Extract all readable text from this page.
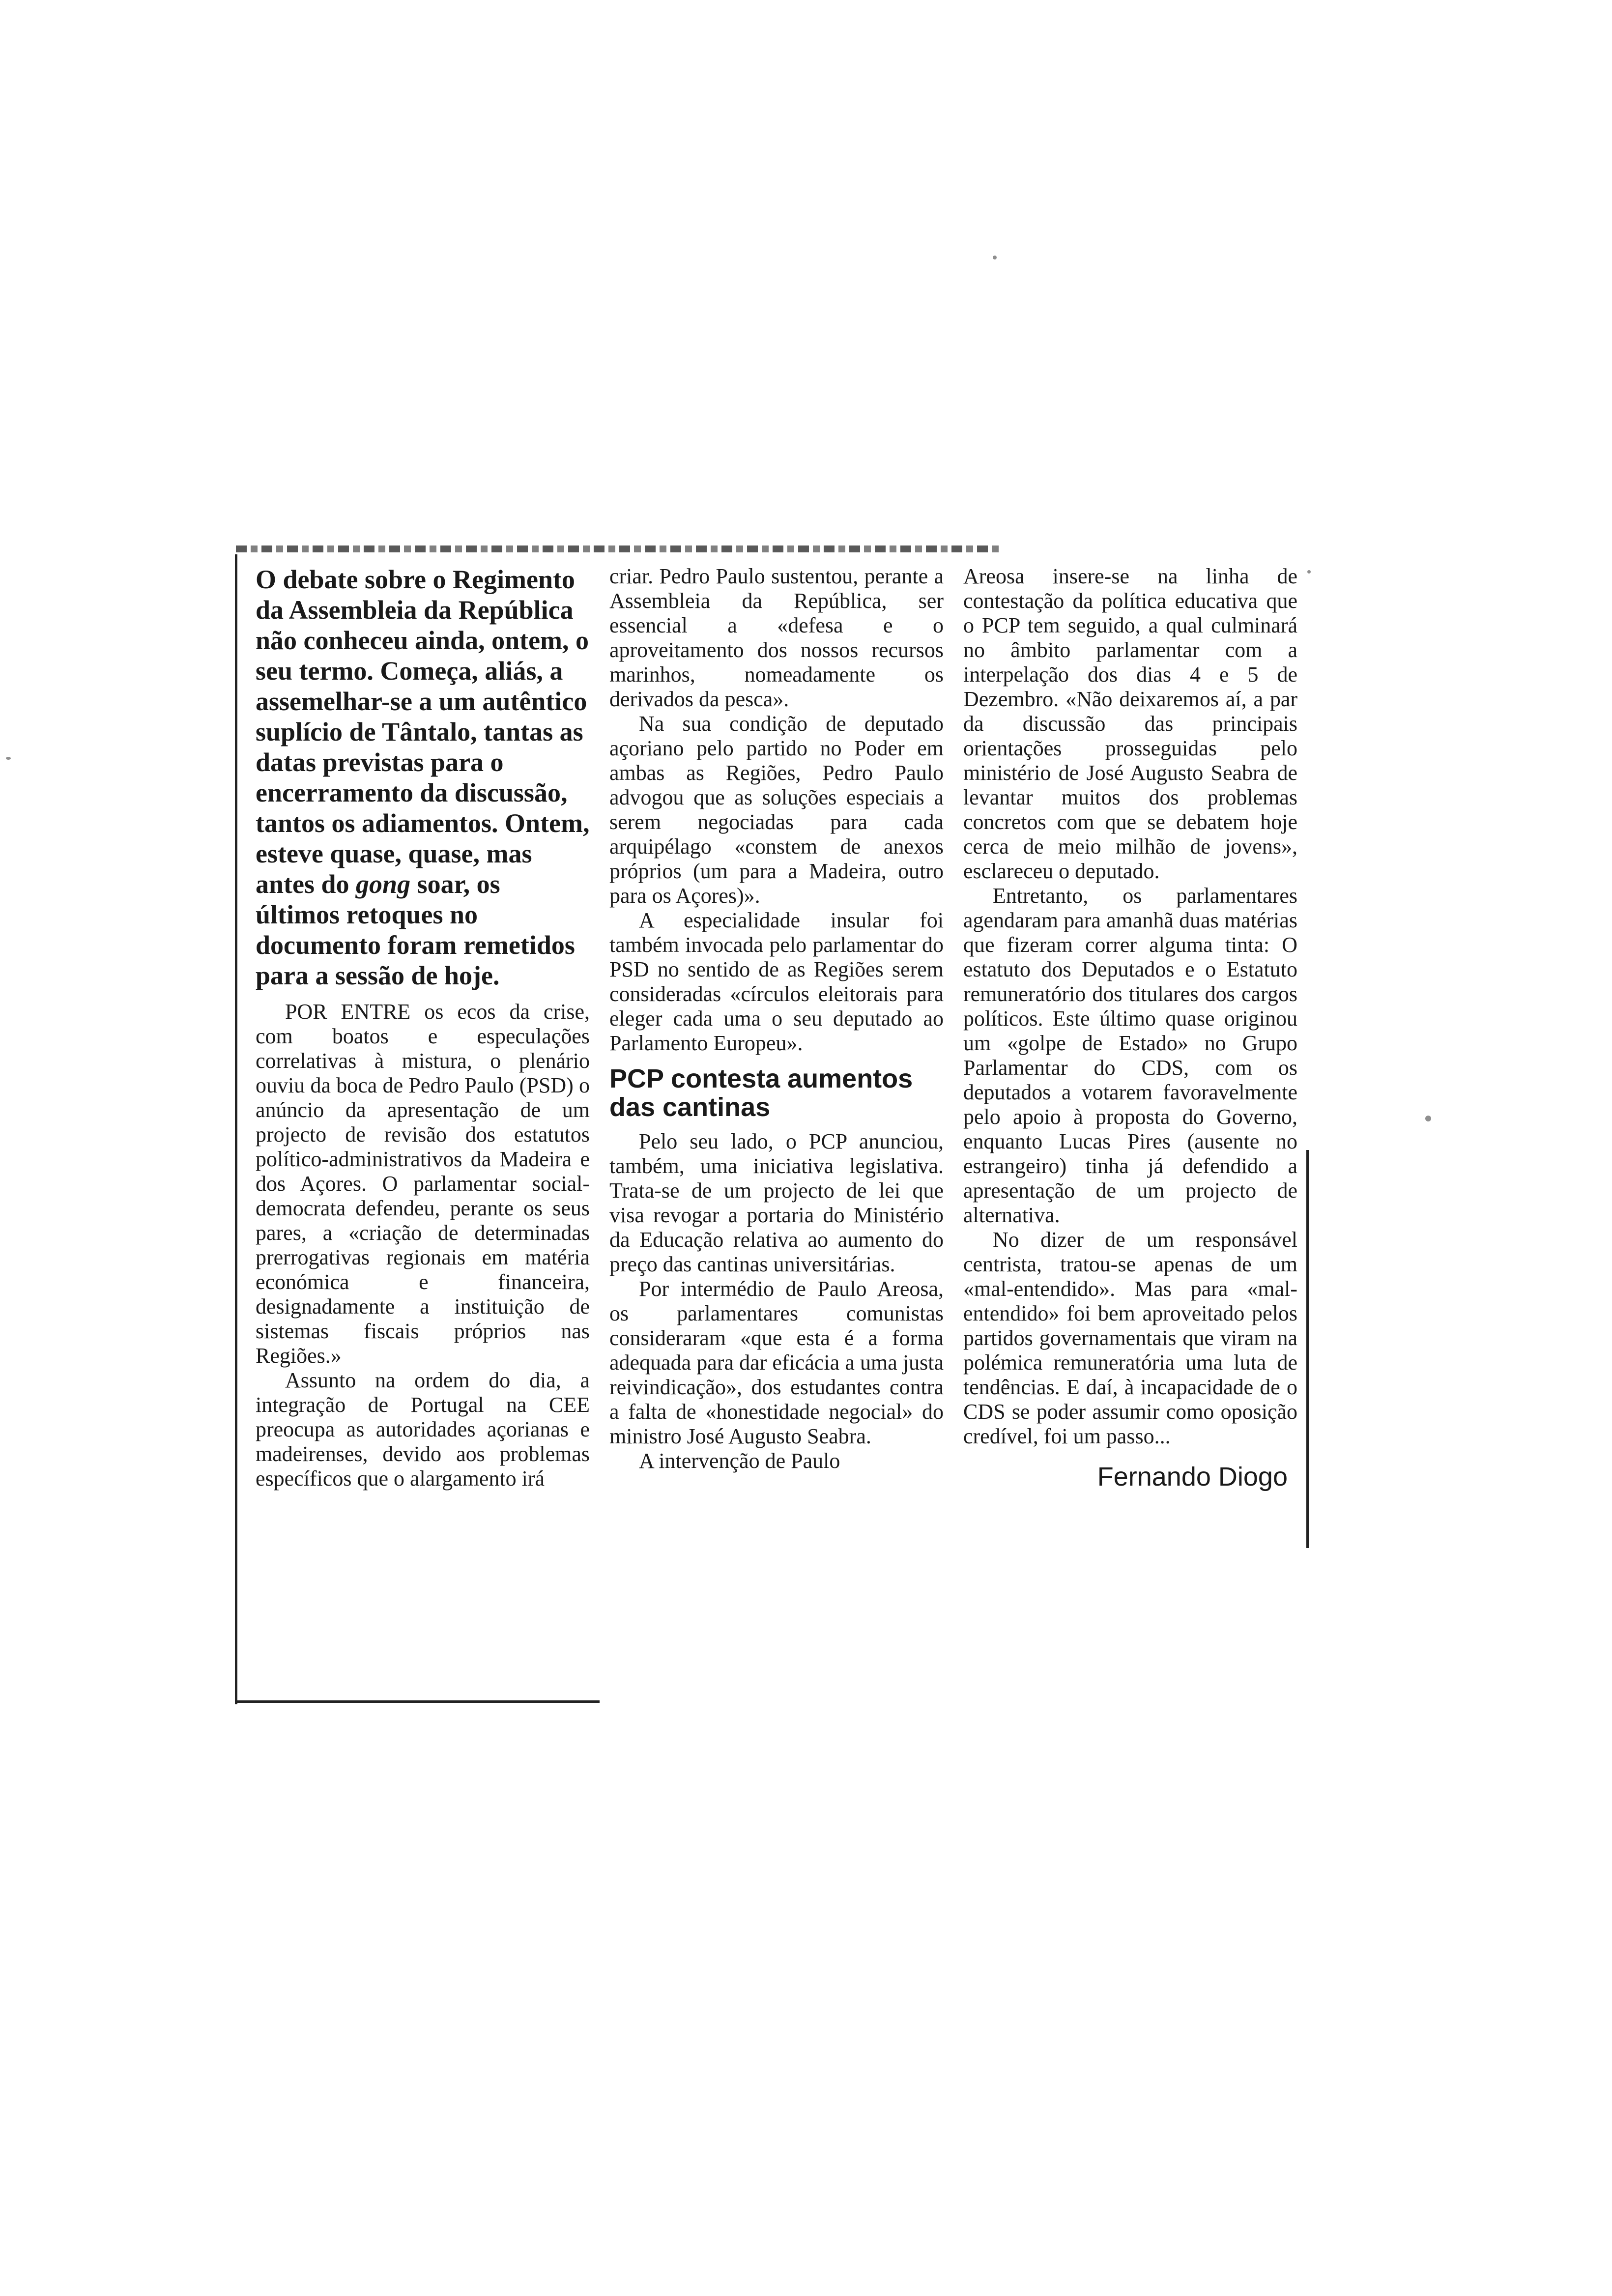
O debate sobre o Regimento da Assembleia da República não conheceu ainda, ontem, o seu termo. Começa, aliás, a assemelhar-se a um autêntico suplício de Tântalo, tantas as datas previstas para o encerramento da discussão, tantos os adiamentos. Ontem, esteve quase, quase, mas antes do gong soar, os últimos retoques no documento foram remetidos para a sessão de hoje.

POR ENTRE os ecos da crise, com boatos e especulações correlativas à mistura, o plenário ouviu da boca de Pedro Paulo (PSD) o anúncio da apresentação de um projecto de revisão dos estatutos político-administrativos da Madeira e dos Açores. O parlamentar social-democrata defendeu, perante os seus pares, a «criação de determinadas prerrogativas regionais em matéria económica e financeira, designadamente a instituição de sistemas fiscais próprios nas Regiões.»

Assunto na ordem do dia, a integração de Portugal na CEE preocupa as autoridades açorianas e madeirenses, devido aos problemas específicos que o alargamento irá

criar. Pedro Paulo sustentou, perante a Assembleia da República, ser essencial a «defesa e o aproveitamento dos nossos recursos marinhos, nomeadamente os derivados da pesca».

Na sua condição de deputado açoriano pelo partido no Poder em ambas as Regiões, Pedro Paulo advogou que as soluções especiais a serem negociadas para cada arquipélago «constem de anexos próprios (um para a Madeira, outro para os Açores)».

A especialidade insular foi também invocada pelo parlamentar do PSD no sentido de as Regiões serem consideradas «círculos eleitorais para eleger cada uma o seu deputado ao Parlamento Europeu».

PCP contesta aumentos das cantinas

Pelo seu lado, o PCP anunciou, também, uma iniciativa legislativa. Trata-se de um projecto de lei que visa revogar a portaria do Ministério da Educação relativa ao aumento do preço das cantinas universitárias.

Por intermédio de Paulo Areosa, os parlamentares comunistas consideraram «que esta é a forma adequada para dar eficácia a uma justa reivindicação», dos estudantes contra a falta de «honestidade negocial» do ministro José Augusto Seabra.

A intervenção de Paulo

Areosa insere-se na linha de contestação da política educativa que o PCP tem seguido, a qual culminará no âmbito parlamentar com a interpelação dos dias 4 e 5 de Dezembro. «Não deixaremos aí, a par da discussão das principais orientações prosseguidas pelo ministério de José Augusto Seabra de levantar muitos dos problemas concretos com que se debatem hoje cerca de meio milhão de jovens», esclareceu o deputado.

Entretanto, os parlamentares agendaram para amanhã duas matérias que fizeram correr alguma tinta: O estatuto dos Deputados e o Estatuto remuneratório dos titulares dos cargos políticos. Este último quase originou um «golpe de Estado» no Grupo Parlamentar do CDS, com os deputados a votarem favoravelmente pelo apoio à proposta do Governo, enquanto Lucas Pires (ausente no estrangeiro) tinha já defendido a apresentação de um projecto de alternativa.

No dizer de um responsável centrista, tratou-se apenas de um «mal-entendido». Mas para «mal-entendido» foi bem aproveitado pelos partidos governamentais que viram na polémica remuneratória uma luta de tendências. E daí, à incapacidade de o CDS se poder assumir como oposição credível, foi um passo...

Fernando Diogo
